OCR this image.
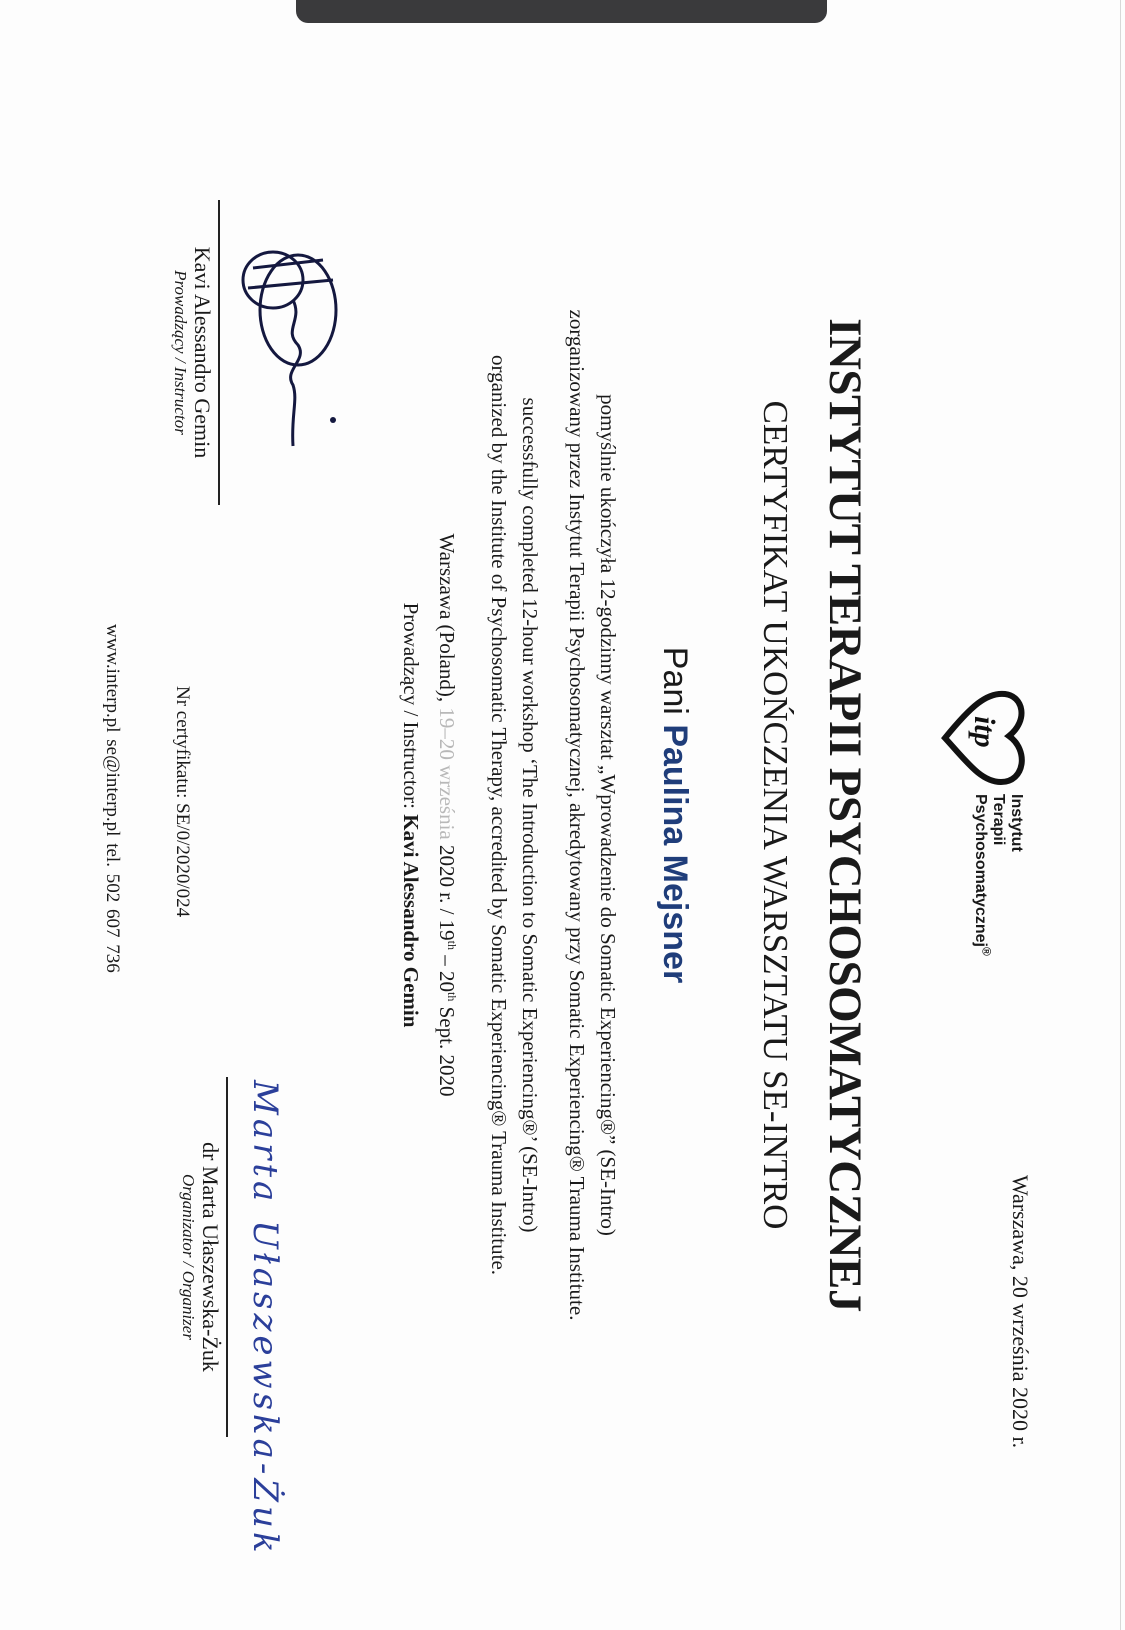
Warszawa, 20 września 2020 r.
itp
Instytut
Terapii
Psychosomatycznej®
INSTYTUT TERAPII PSYCHOSOMATYCZNEJ
CERTYFIKAT UKOŃCZENIA WARSZTATU SE-INTRO
Pani Paulina Mejsner
pomyślnie ukończyła 12-godzinny warsztat „Wprowadzenie do Somatic Experiencing®” (SE-Intro)
zorganizowany przez Instytut Terapii Psychosomatycznej, akredytowany przy Somatic Experiencing® Trauma Institute.
successfully completed 12-hour workshop ‘The Introduction to Somatic Experiencing®’ (SE-Intro)
organized by the Institute of Psychosomatic Therapy, accredited by Somatic Experiencing® Trauma Institute.
Warszawa (Poland), 19–20 września 2020 r. / 19th – 20th Sept. 2020
Prowadzący / Instructor: Kavi Alessandro Gemin
Kavi Alessandro Gemin
Prowadzący / Instructor
Marta Ułaszewska-Żuk
dr Marta Ułaszewska-Żuk
Organizator / Organizer
Nr certyfikatu: SE/0/2020/024
www.interp.pl se@interp.pl tel. 502 607 736
